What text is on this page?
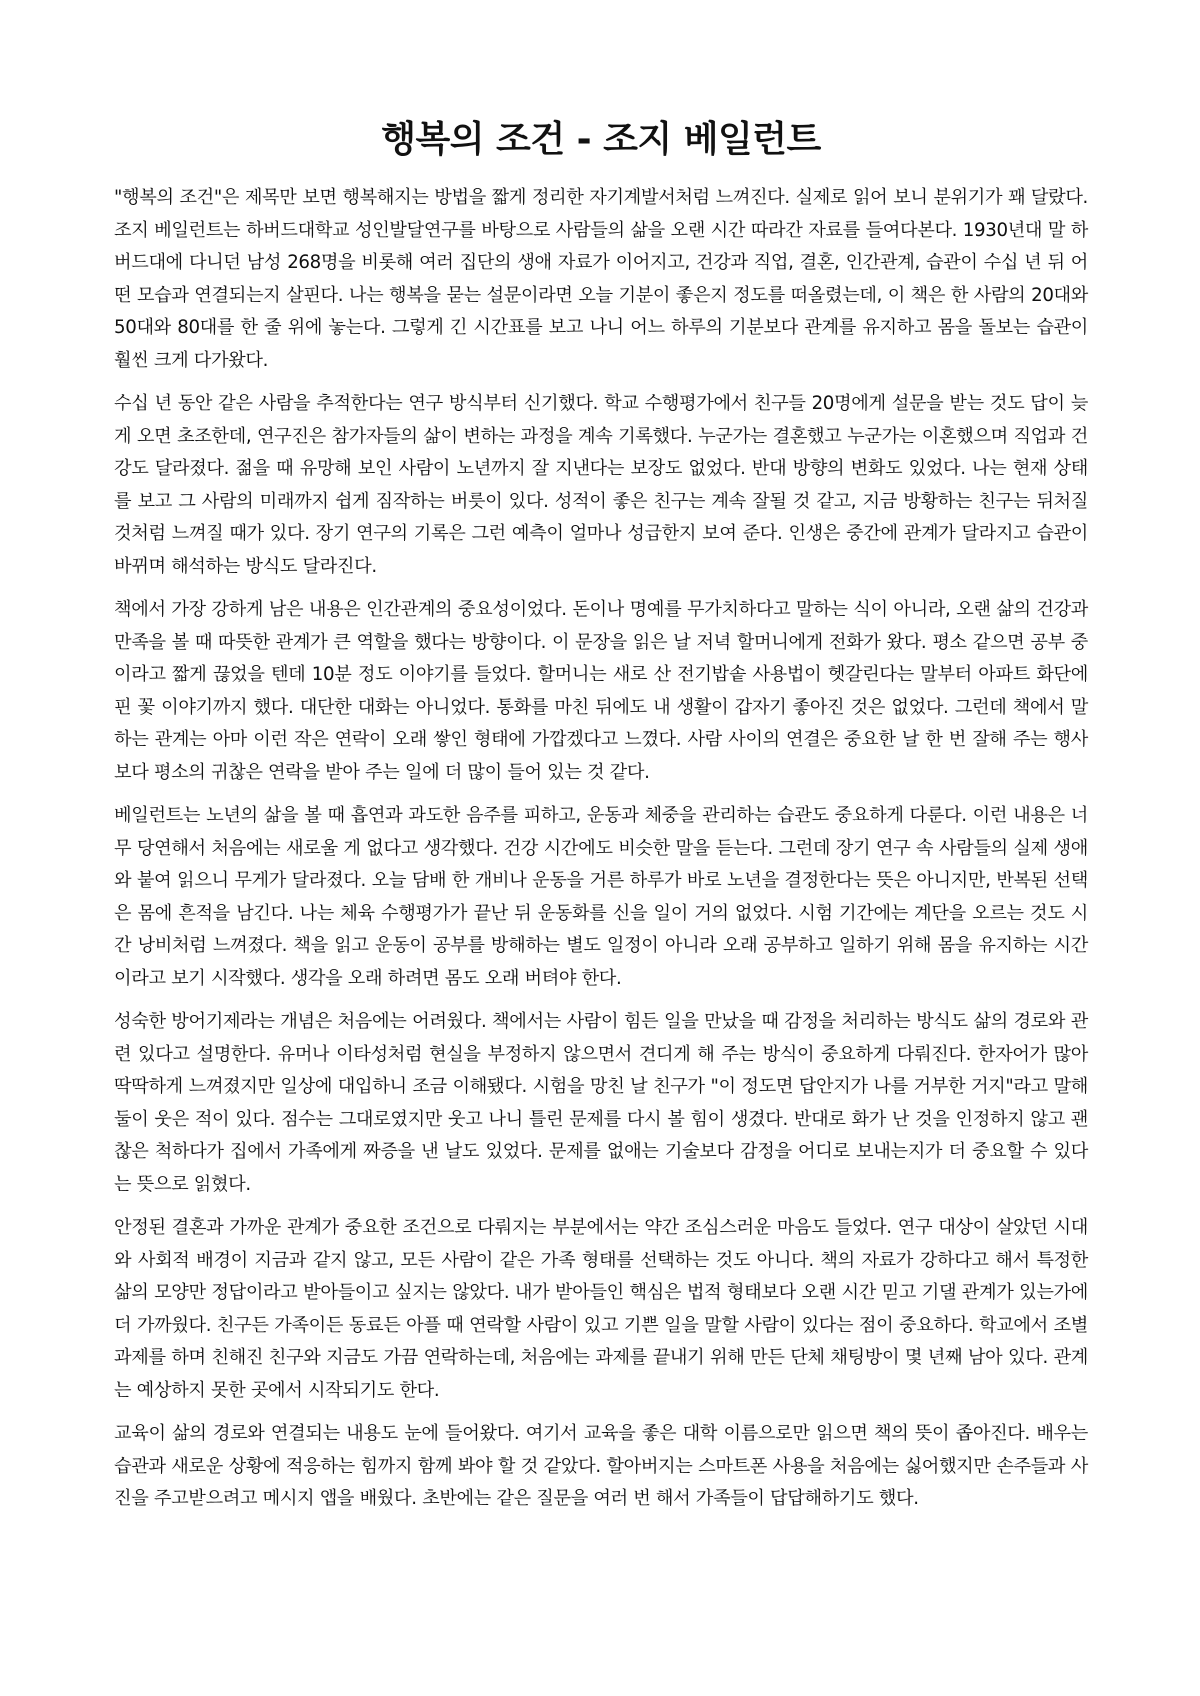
행복의 조건 - 조지 베일런트

"행복의 조건"은 제목만 보면 행복해지는 방법을 짧게 정리한 자기계발서처럼 느껴진다. 실제로 읽어 보니 분위기가 꽤 달랐다. 조지 베일런트는 하버드대학교 성인발달연구를 바탕으로 사람들의 삶을 오랜 시간 따라간 자료를 들여다본다. 1930년대 말 하버드대에 다니던 남성 268명을 비롯해 여러 집단의 생애 자료가 이어지고, 건강과 직업, 결혼, 인간관계, 습관이 수십 년 뒤 어떤 모습과 연결되는지 살핀다. 나는 행복을 묻는 설문이라면 오늘 기분이 좋은지 정도를 떠올렸는데, 이 책은 한 사람의 20대와 50대와 80대를 한 줄 위에 놓는다. 그렇게 긴 시간표를 보고 나니 어느 하루의 기분보다 관계를 유지하고 몸을 돌보는 습관이 훨씬 크게 다가왔다.

수십 년 동안 같은 사람을 추적한다는 연구 방식부터 신기했다. 학교 수행평가에서 친구들 20명에게 설문을 받는 것도 답이 늦게 오면 초조한데, 연구진은 참가자들의 삶이 변하는 과정을 계속 기록했다. 누군가는 결혼했고 누군가는 이혼했으며 직업과 건강도 달라졌다. 젊을 때 유망해 보인 사람이 노년까지 잘 지낸다는 보장도 없었다. 반대 방향의 변화도 있었다. 나는 현재 상태를 보고 그 사람의 미래까지 쉽게 짐작하는 버릇이 있다. 성적이 좋은 친구는 계속 잘될 것 같고, 지금 방황하는 친구는 뒤처질 것처럼 느껴질 때가 있다. 장기 연구의 기록은 그런 예측이 얼마나 성급한지 보여 준다. 인생은 중간에 관계가 달라지고 습관이 바뀌며 해석하는 방식도 달라진다.

책에서 가장 강하게 남은 내용은 인간관계의 중요성이었다. 돈이나 명예를 무가치하다고 말하는 식이 아니라, 오랜 삶의 건강과 만족을 볼 때 따뜻한 관계가 큰 역할을 했다는 방향이다. 이 문장을 읽은 날 저녁 할머니에게 전화가 왔다. 평소 같으면 공부 중이라고 짧게 끊었을 텐데 10분 정도 이야기를 들었다. 할머니는 새로 산 전기밥솥 사용법이 헷갈린다는 말부터 아파트 화단에 핀 꽃 이야기까지 했다. 대단한 대화는 아니었다. 통화를 마친 뒤에도 내 생활이 갑자기 좋아진 것은 없었다. 그런데 책에서 말하는 관계는 아마 이런 작은 연락이 오래 쌓인 형태에 가깝겠다고 느꼈다. 사람 사이의 연결은 중요한 날 한 번 잘해 주는 행사보다 평소의 귀찮은 연락을 받아 주는 일에 더 많이 들어 있는 것 같다.

베일런트는 노년의 삶을 볼 때 흡연과 과도한 음주를 피하고, 운동과 체중을 관리하는 습관도 중요하게 다룬다. 이런 내용은 너무 당연해서 처음에는 새로울 게 없다고 생각했다. 건강 시간에도 비슷한 말을 듣는다. 그런데 장기 연구 속 사람들의 실제 생애와 붙여 읽으니 무게가 달라졌다. 오늘 담배 한 개비나 운동을 거른 하루가 바로 노년을 결정한다는 뜻은 아니지만, 반복된 선택은 몸에 흔적을 남긴다. 나는 체육 수행평가가 끝난 뒤 운동화를 신을 일이 거의 없었다. 시험 기간에는 계단을 오르는 것도 시간 낭비처럼 느껴졌다. 책을 읽고 운동이 공부를 방해하는 별도 일정이 아니라 오래 공부하고 일하기 위해 몸을 유지하는 시간이라고 보기 시작했다. 생각을 오래 하려면 몸도 오래 버텨야 한다.

성숙한 방어기제라는 개념은 처음에는 어려웠다. 책에서는 사람이 힘든 일을 만났을 때 감정을 처리하는 방식도 삶의 경로와 관련 있다고 설명한다. 유머나 이타성처럼 현실을 부정하지 않으면서 견디게 해 주는 방식이 중요하게 다뤄진다. 한자어가 많아 딱딱하게 느껴졌지만 일상에 대입하니 조금 이해됐다. 시험을 망친 날 친구가 "이 정도면 답안지가 나를 거부한 거지"라고 말해 둘이 웃은 적이 있다. 점수는 그대로였지만 웃고 나니 틀린 문제를 다시 볼 힘이 생겼다. 반대로 화가 난 것을 인정하지 않고 괜찮은 척하다가 집에서 가족에게 짜증을 낸 날도 있었다. 문제를 없애는 기술보다 감정을 어디로 보내는지가 더 중요할 수 있다는 뜻으로 읽혔다.

안정된 결혼과 가까운 관계가 중요한 조건으로 다뤄지는 부분에서는 약간 조심스러운 마음도 들었다. 연구 대상이 살았던 시대와 사회적 배경이 지금과 같지 않고, 모든 사람이 같은 가족 형태를 선택하는 것도 아니다. 책의 자료가 강하다고 해서 특정한 삶의 모양만 정답이라고 받아들이고 싶지는 않았다. 내가 받아들인 핵심은 법적 형태보다 오랜 시간 믿고 기댈 관계가 있는가에 더 가까웠다. 친구든 가족이든 동료든 아플 때 연락할 사람이 있고 기쁜 일을 말할 사람이 있다는 점이 중요하다. 학교에서 조별 과제를 하며 친해진 친구와 지금도 가끔 연락하는데, 처음에는 과제를 끝내기 위해 만든 단체 채팅방이 몇 년째 남아 있다. 관계는 예상하지 못한 곳에서 시작되기도 한다.

교육이 삶의 경로와 연결되는 내용도 눈에 들어왔다. 여기서 교육을 좋은 대학 이름으로만 읽으면 책의 뜻이 좁아진다. 배우는 습관과 새로운 상황에 적응하는 힘까지 함께 봐야 할 것 같았다. 할아버지는 스마트폰 사용을 처음에는 싫어했지만 손주들과 사진을 주고받으려고 메시지 앱을 배웠다. 초반에는 같은 질문을 여러 번 해서 가족들이 답답해하기도 했다.
